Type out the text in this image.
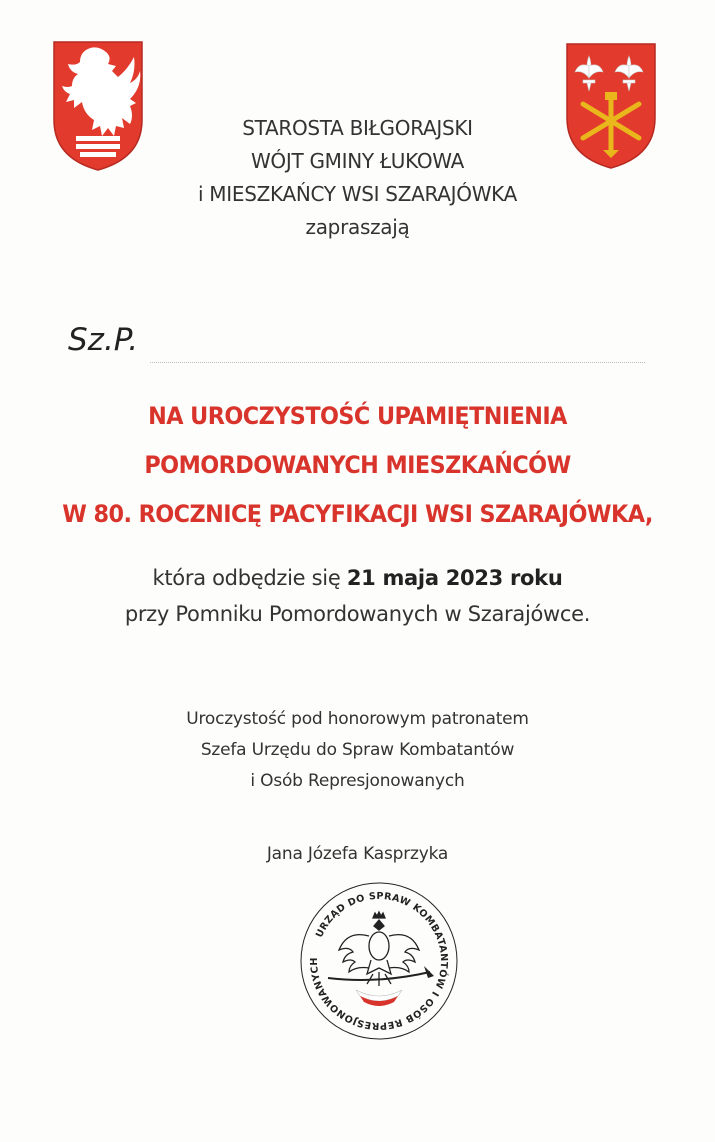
STAROSTA BIŁGORAJSKI
WÓJT GMINY ŁUKOWA
i MIESZKAŃCY WSI SZARAJÓWKA
zapraszają
Sz.P.
NA UROCZYSTOŚĆ UPAMIĘTNIENIA
POMORDOWANYCH MIESZKAŃCÓW
W 80. ROCZNICĘ PACYFIKACJI WSI SZARAJÓWKA,
która odbędzie się 21 maja 2023 roku
przy Pomniku Pomordowanych w Szarajówce.
Uroczystość pod honorowym patronatem
Szefa Urzędu do Spraw Kombatantów
i Osób Represjonowanych
Jana Józefa Kasprzyka
URZĄD DO SPRAW KOMBATANTÓW I OSÓB REPRESJONOWANYCH
